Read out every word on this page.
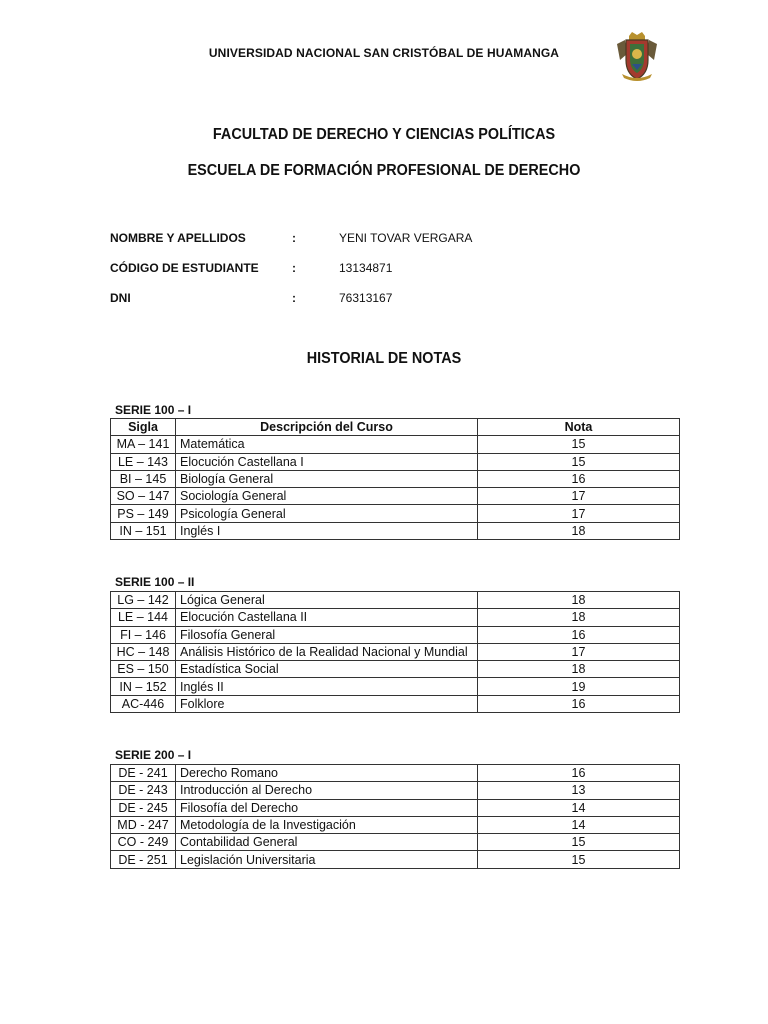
UNIVERSIDAD NACIONAL SAN CRISTÓBAL DE HUAMANGA
FACULTAD DE DERECHO Y CIENCIAS POLÍTICAS
ESCUELA DE FORMACIÓN PROFESIONAL DE DERECHO
NOMBRE Y APELLIDOS	:	YENI TOVAR VERGARA
CÓDIGO DE ESTUDIANTE	:	13134871
DNI	:	76313167
HISTORIAL DE NOTAS
SERIE 100 – I
Sigla	Descripción del Curso	Nota
MA – 141	Matemática	15
LE – 143	Elocución Castellana I	15
BI – 145	Biología General	16
SO – 147	Sociología General	17
PS – 149	Psicología General	17
IN – 151	Inglés I	18
SERIE 100 – II
LG – 142	Lógica General	18
LE – 144	Elocución Castellana II	18
FI – 146	Filosofía General	16
HC – 148	Análisis Histórico de la Realidad Nacional y Mundial	17
ES – 150	Estadística Social	18
IN – 152	Inglés II	19
AC-446	Folklore	16
SERIE 200 – I
DE - 241	Derecho Romano	16
DE - 243	Introducción al Derecho	13
DE - 245	Filosofía del Derecho	14
MD - 247	Metodología de la Investigación	14
CO - 249	Contabilidad General	15
DE - 251	Legislación Universitaria	15
